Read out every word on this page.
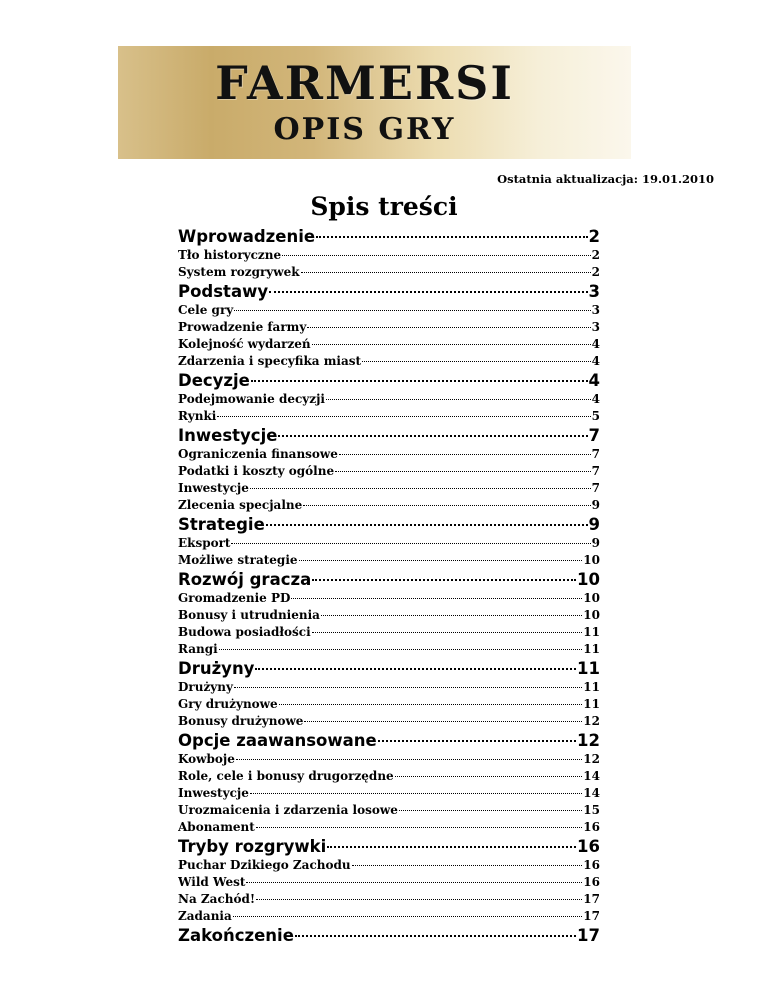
FARMERSI
OPIS GRY
Ostatnia aktualizacja: 19.01.2010
Spis treści
Wprowadzenie	2
Tło historyczne	2
System rozgrywek	2
Podstawy	3
Cele gry	3
Prowadzenie farmy	3
Kolejność wydarzeń	4
Zdarzenia i specyfika miast	4
Decyzje	4
Podejmowanie decyzji	4
Rynki	5
Inwestycje	7
Ograniczenia finansowe	7
Podatki i koszty ogólne	7
Inwestycje	7
Zlecenia specjalne	9
Strategie	9
Eksport	9
Możliwe strategie	10
Rozwój gracza	10
Gromadzenie PD	10
Bonusy i utrudnienia	10
Budowa posiadłości	11
Rangi	11
Drużyny	11
Drużyny	11
Gry drużynowe	11
Bonusy drużynowe	12
Opcje zaawansowane	12
Kowboje	12
Role, cele i bonusy drugorzędne	14
Inwestycje	14
Urozmaicenia i zdarzenia losowe	15
Abonament	16
Tryby rozgrywki	16
Puchar Dzikiego Zachodu	16
Wild West	16
Na Zachód!	17
Zadania	17
Zakończenie	17
